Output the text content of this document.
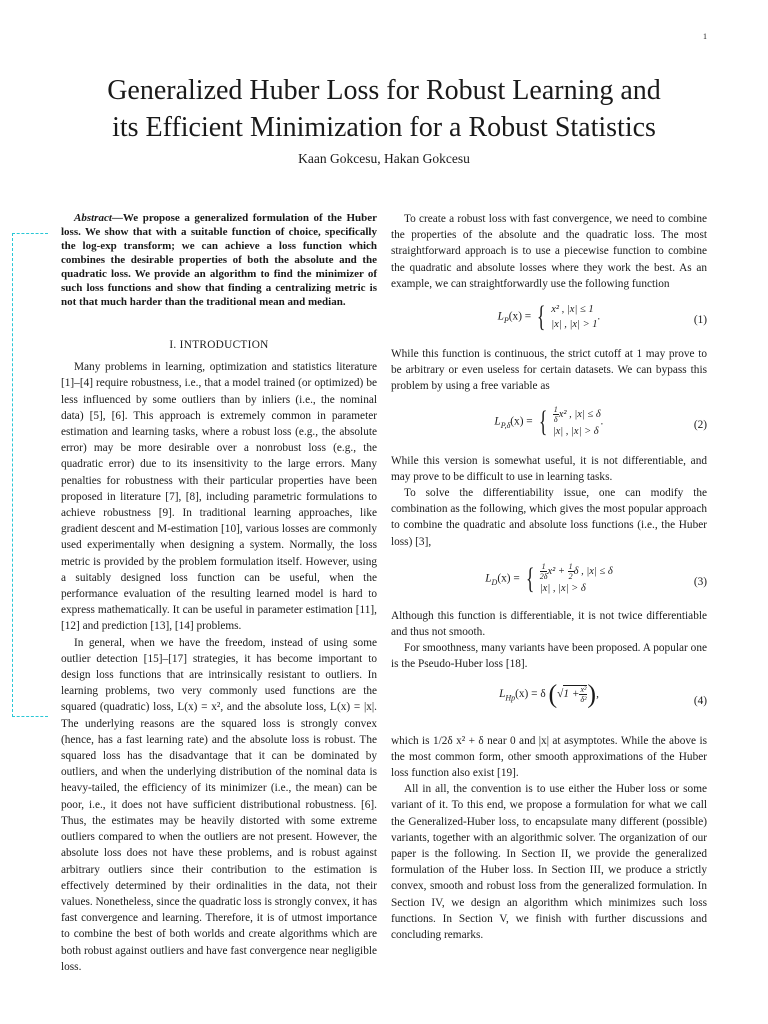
1
Generalized Huber Loss for Robust Learning and
its Efficient Minimization for a Robust Statistics
Kaan Gokcesu, Hakan Gokcesu

Abstract—We propose a generalized formulation of the Huber loss. We show that with a suitable function of choice, specifically the log-exp transform; we can achieve a loss function which combines the desirable properties of both the absolute and the quadratic loss. We provide an algorithm to find the minimizer of such loss functions and show that finding a centralizing metric is not that much harder than the traditional mean and median.

I. INTRODUCTION

Many problems in learning, optimization and statistics literature [1]–[4] require robustness, i.e., that a model trained (or optimized) be less influenced by some outliers than by inliers (i.e., the nominal data) [5], [6]. This approach is extremely common in parameter estimation and learning tasks, where a robust loss (e.g., the absolute error) may be more desirable over a nonrobust loss (e.g., the quadratic error) due to its insensitivity to the large errors. Many penalties for robustness with their particular properties have been proposed in literature [7], [8], including parametric formulations to achieve robustness [9]. In traditional learning approaches, like gradient descent and M-estimation [10], various losses are commonly used experimentally when designing a system. Normally, the loss metric is provided by the problem formulation itself. However, using a suitably designed loss function can be useful, when the performance evaluation of the resulting learned model is hard to express mathematically. It can be useful in parameter estimation [11], [12] and prediction [13], [14] problems.

In general, when we have the freedom, instead of using some outlier detection [15]–[17] strategies, it has become important to design loss functions that are intrinsically resistant to outliers. In learning problems, two very commonly used functions are the squared (quadratic) loss, L(x) = x², and the absolute loss, L(x) = |x|. The underlying reasons are the squared loss is strongly convex (hence, has a fast learning rate) and the absolute loss is robust. The squared loss has the disadvantage that it can be dominated by outliers, and when the underlying distribution of the nominal data is heavy-tailed, the efficiency of its minimizer (i.e., the mean) can be poor, i.e., it does not have sufficient distributional robustness. [6]. Thus, the estimates may be heavily distorted with some extreme outliers compared to when the outliers are not present. However, the absolute loss does not have these problems, and is robust against arbitrary outliers since their contribution to the estimation is effectively determined by their ordinalities in the data, not their values. Nonetheless, since the quadratic loss is strongly convex, it has fast convergence and learning. Therefore, it is of utmost importance to combine the best of both worlds and create algorithms which are both robust against outliers and have fast convergence near negligible loss.

To create a robust loss with fast convergence, we need to combine the properties of the absolute and the quadratic loss. The most straightforward approach is to use a piecewise function to combine the quadratic and absolute losses where they work the best. As an example, we can straightforwardly use the following function

$L_P(x)$ = { x² , |x| ≤ 1
|x| , |x| > 1
.	(1)

While this function is continuous, the strict cutoff at 1 may prove to be arbitrary or even useless for certain datasets. We can bypass this problem by using a free variable as

$L_{P,\delta}(x)$ = { $\frac{1}{\delta} x^2$ , |x| ≤ δ
|x| , |x| > δ
.	(2)

While this version is somewhat useful, it is not differentiable, and may prove to be difficult to use in learning tasks.

To solve the differentiability issue, one can modify the combination as the following, which gives the most popular approach to combine the quadratic and absolute loss functions (i.e., the Huber loss) [3],

$L_D(x)$ = { $\frac{1}{2\delta} x^2 + \frac{1}{2}$ δ , |x| ≤ δ
|x| , |x| > δ
(3)

Although this function is differentiable, it is not twice differentiable and thus not smooth.

For smoothness, many variants have been proposed. A popular one is the Pseudo-Huber loss [18].

$L_{Hp}(x) = \delta$ ($√1 + \frac{\text{x²}}{\text{δ²}}$ ),
(4)

which is 1/2δ x² + δ near 0 and |x| at asymptotes. While the above is the most common form, other smooth approximations of the Huber loss function also exist [19].

All in all, the convention is to use either the Huber loss or some variant of it. To this end, we propose a formulation for what we call the Generalized-Huber loss, to encapsulate many different (possible) variants, together with an algorithmic solver. The organization of our paper is the following. In Section II, we provide the generalized formulation of the Huber loss. In Section III, we produce a strictly convex, smooth and robust loss from the generalized formulation. In Section IV, we design an algorithm which minimizes such loss functions. In Section V, we finish with further discussions and concluding remarks.
